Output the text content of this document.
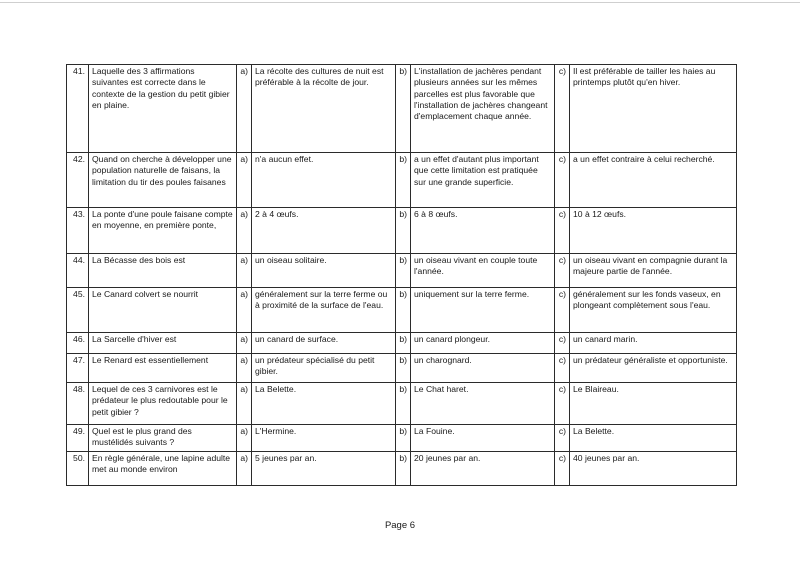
41.	Laquelle des 3 affirmations suivantes est correcte dans le contexte de la gestion du petit gibier en plaine.	a)	La récolte des cultures de nuit est préférable à la récolte de jour.	b)	L'installation de jachères pendant plusieurs années sur les mêmes parcelles est plus favorable que l'installation de jachères changeant d'emplacement chaque année.	c)	Il est préférable de tailler les haies au printemps plutôt qu'en hiver.
42.	Quand on cherche à développer une population naturelle de faisans, la limitation du tir des poules faisanes	a)	n'a aucun effet.	b)	a un effet d'autant plus important que cette limitation est pratiquée sur une grande superficie.	c)	a un effet contraire à celui recherché.
43.	La ponte d'une poule faisane compte en moyenne, en première ponte,	a)	2 à 4 œufs.	b)	6 à 8 œufs.	c)	10 à 12 œufs.
44.	La Bécasse des bois est	a)	un oiseau solitaire.	b)	un oiseau vivant en couple toute l'année.	c)	un oiseau vivant en compagnie durant la majeure partie de l'année.
45.	Le Canard colvert se nourrit	a)	généralement sur la terre ferme ou à proximité de la surface de l'eau.	b)	uniquement sur la terre ferme.	c)	généralement sur les fonds vaseux, en plongeant complètement sous l'eau.
46.	La Sarcelle d'hiver est	a)	un canard de surface.	b)	un canard plongeur.	c)	un canard marin.
47.	Le Renard est essentiellement	a)	un prédateur spécialisé du petit gibier.	b)	un charognard.	c)	un prédateur généraliste et opportuniste.
48.	Lequel de ces 3 carnivores est le prédateur le plus redoutable pour le petit gibier ?	a)	La Belette.	b)	Le Chat haret.	c)	Le Blaireau.
49.	Quel est le plus grand des mustélidés suivants ?	a)	L'Hermine.	b)	La Fouine.	c)	La Belette.
50.	En règle générale, une lapine adulte met au monde environ	a)	5 jeunes par an.	b)	20 jeunes par an.	c)	40 jeunes par an.
Page 6
